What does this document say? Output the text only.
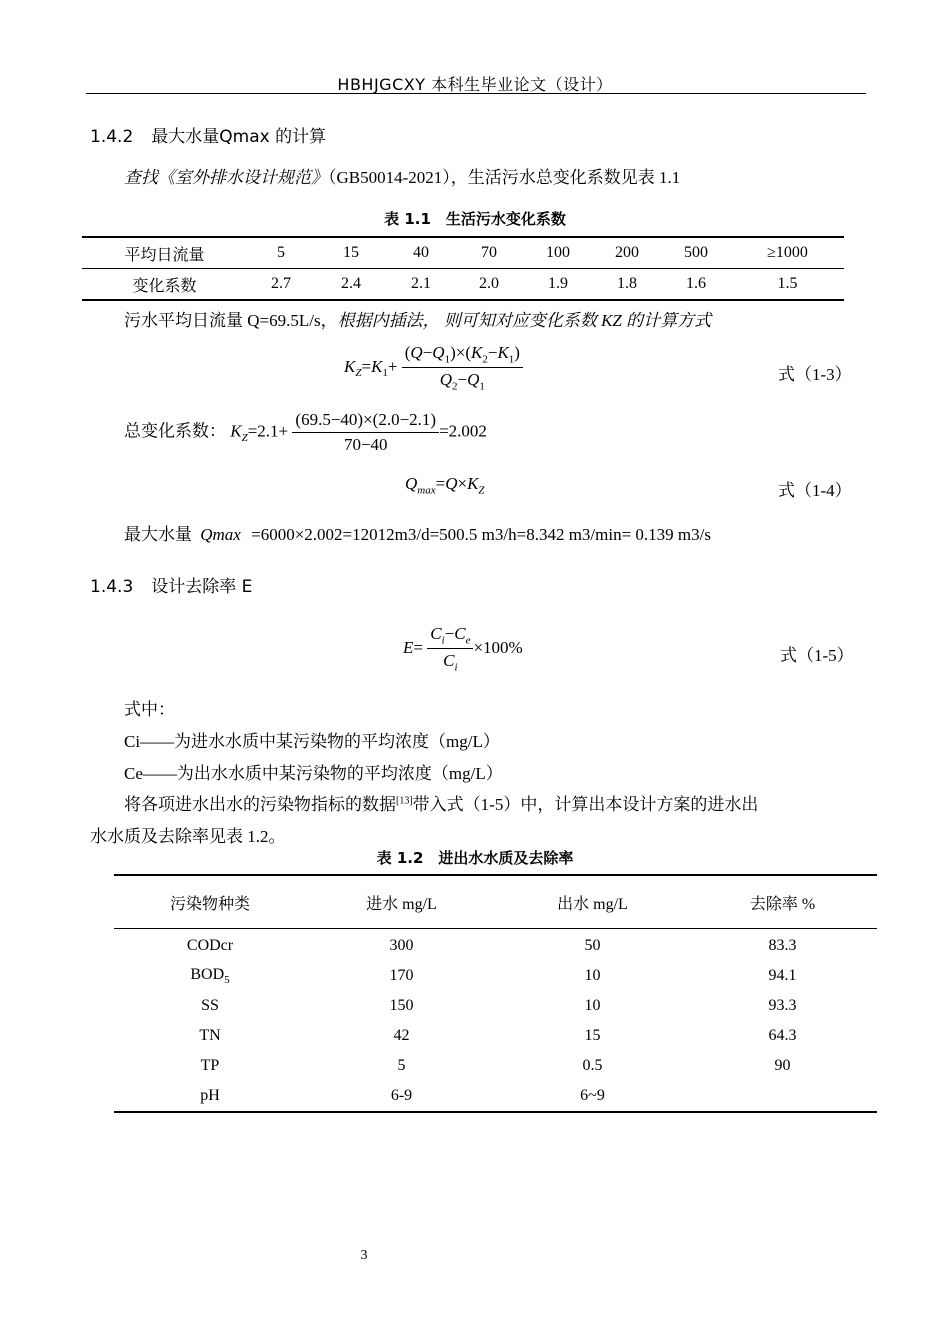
HBHJGCXY 本科生毕业论文（设计）
1.4.2 最大水量Qmax 的计算
查找《室外排水设计规范》（GB50014-2021），生活污水总变化系数见表 1.1
表 1.1　生活污水变化系数
平均日流量	5	15	40	70	100	200	500	≥1000
变化系数	2.7	2.4	2.1	2.0	1.9	1.8	1.6	1.5
污水平均日流量 Q=69.5L/s，根据内插法， 则可知对应变化系数 KZ 的计算方式
$K_Z=K_1+ \frac{(Q-Q_1)\times(K_2-K_1)}{Q_2-Q_1}$	式（1-3）
总变化系数： $K_Z=2.1+ \frac{(69.5-40)\times(2.0-2.1)}{70-40} =2.002$
$Q_{max}=Q\times K_Z$	式（1-4）
最大水量 Qmax =6000×2.002=12012m3/d=500.5 m3/h=8.342 m3/min= 0.139 m3/s
1.4.3 设计去除率 E
$E= \frac{C_i-C_e}{C_i} \times 100\%$	式（1-5）
式中：
Ci——为进水水质中某污染物的平均浓度（mg/L）
Ce——为出水水质中某污染物的平均浓度（mg/L）
将各项进水出水的污染物指标的数据[13]带入式（1-5）中，计算出本设计方案的进水出
水水质及去除率见表 1.2。
表 1.2　进出水水质及去除率
污染物种类	进水 mg/L	出水 mg/L	去除率 %
CODcr	300	50	83.3
$BOD_5$	170	10	94.1
SS	150	10	93.3
TN	42	15	64.3
TP	5	0.5	90
pH	6-9	6~9	
3
